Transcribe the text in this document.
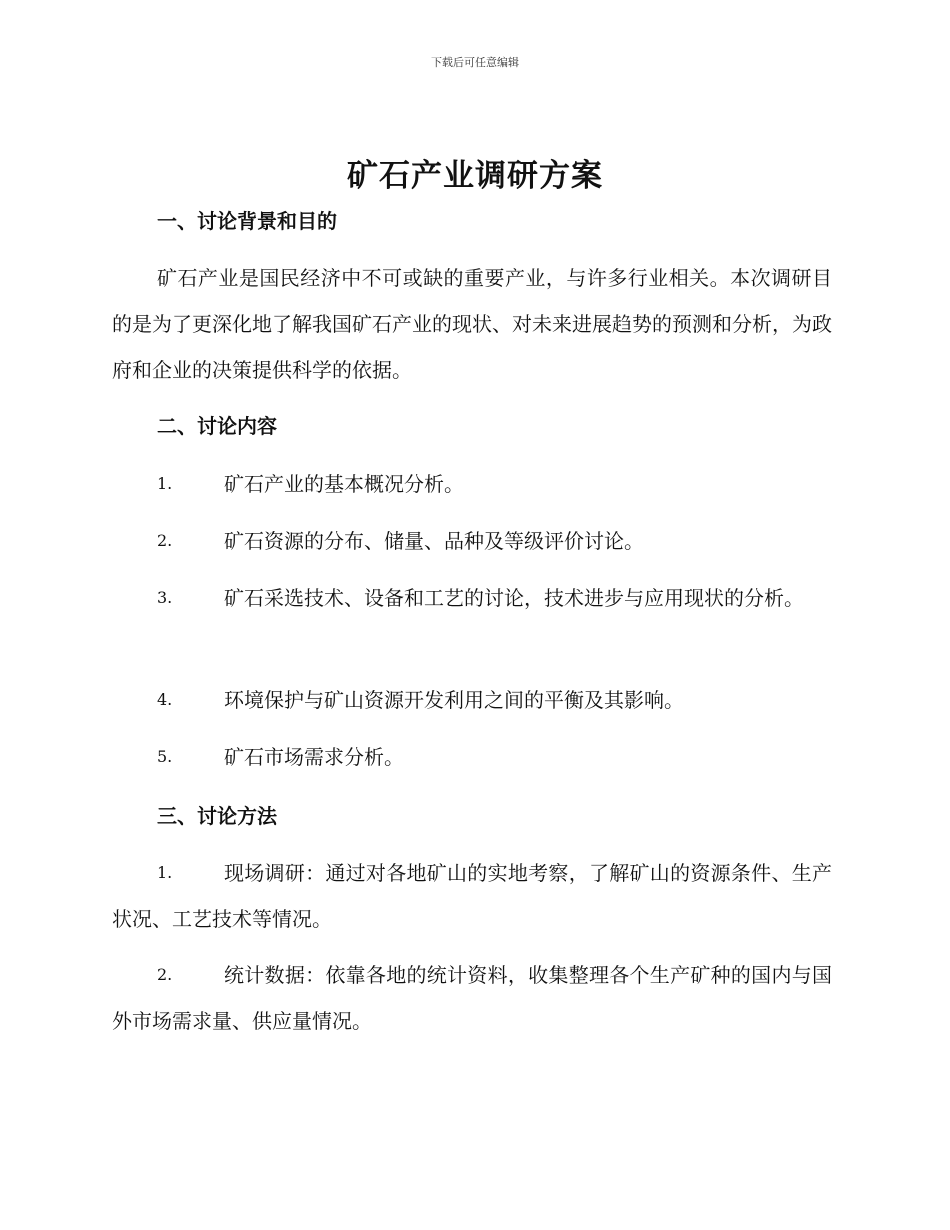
下载后可任意编辑
矿石产业调研方案
一、讨论背景和目的
矿石产业是国民经济中不可或缺的重要产业，与许多行业相关。本次调研目的是为了更深化地了解我国矿石产业的现状、对未来进展趋势的预测和分析，为政府和企业的决策提供科学的依据。
二、讨论内容
1.	矿石产业的基本概况分析。
2.	矿石资源的分布、储量、品种及等级评价讨论。
3.	矿石采选技术、设备和工艺的讨论，技术进步与应用现状的分析。
4.	环境保护与矿山资源开发利用之间的平衡及其影响。
5.	矿石市场需求分析。
三、讨论方法
1.	现场调研：通过对各地矿山的实地考察，了解矿山的资源条件、生产状况、工艺技术等情况。
2.	统计数据：依靠各地的统计资料，收集整理各个生产矿种的国内与国外市场需求量、供应量情况。
